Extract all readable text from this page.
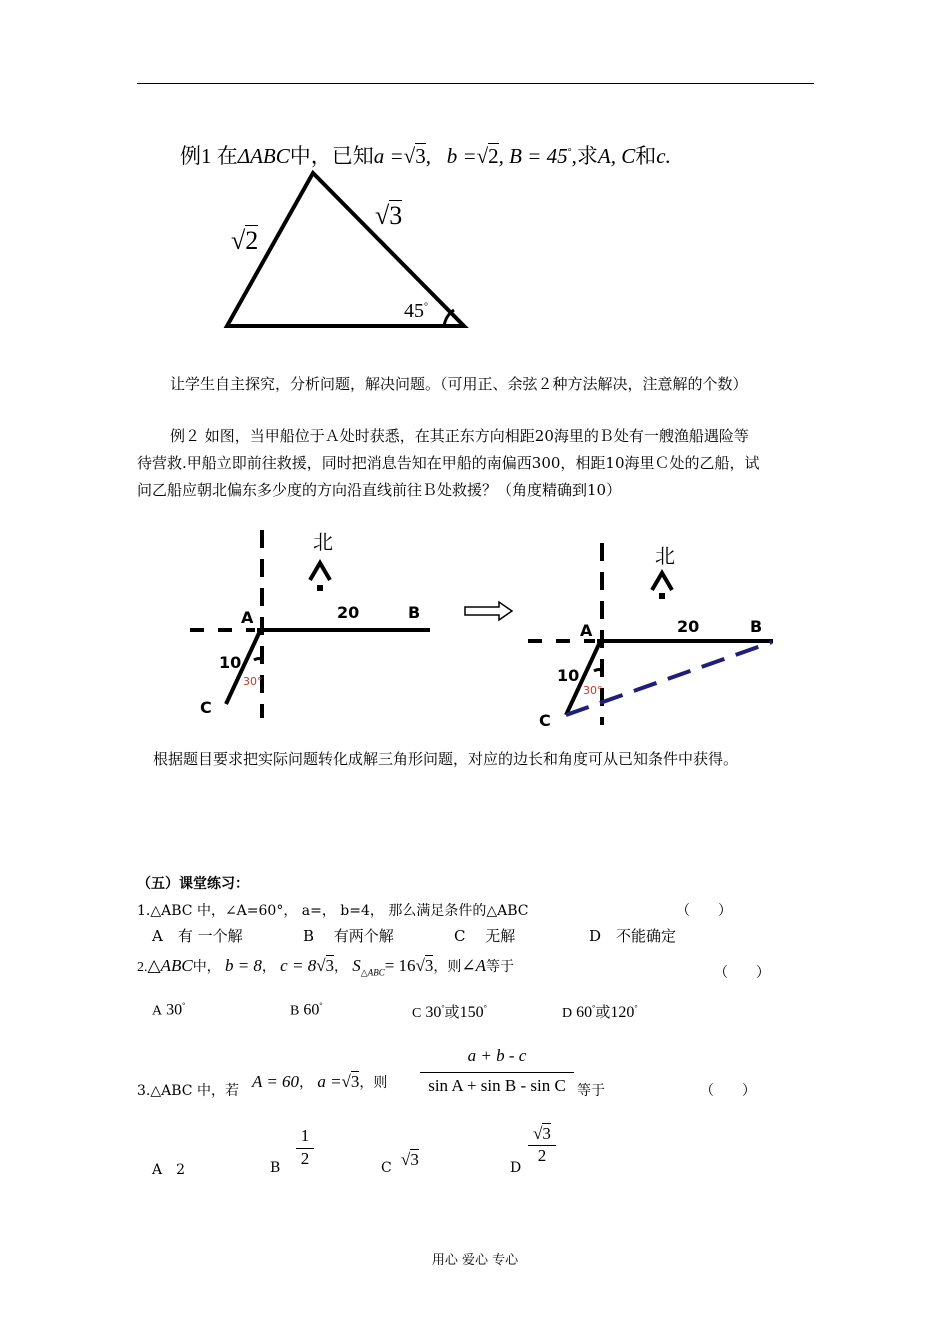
例1 在ΔABC中，已知a =√3,   b =√2, B = 45°,求A, C和c.
√2
√3
45°
让学生自主探究，分析问题，解决问题。（可用正、余弦２种方法解决，注意解的个数）
例２ 如图，当甲船位于Ａ处时获悉，在其正东方向相距20海里的Ｂ处有一艘渔船遇险等
待营救.甲船立即前往救援，同时把消息告知在甲船的南偏西300，相距10海里Ｃ处的乙船，试
问乙船应朝北偏东多少度的方向沿直线前往Ｂ处救援？（角度精确到10）
北
A	20	B
10
30°
C
北
A	20	B
10
30°
C
根据题目要求把实际问题转化成解三角形问题，对应的边长和角度可从已知条件中获得。
（五）课堂练习：
1.△ABC 中，∠A=60°， a=， b=4， 那么满足条件的△ABC	（　　）
A　有 一个解	B　 有两个解	C　 无解	D　不能确定
2.△ABC中， b = 8， c = 8√3， $S_{\triangle ABC}= 16√3$，则∠A等于	（　　）
A 30°	B 60°
C 30°或150°	D 60°或120°
3.△ABC 中，若 A = 60， a =√3，则 $\frac{a + b - c}{\text{sin A + sin B - sin C}}$ 等于	（　　）
A　2	B $\frac{1}{2}$	C √3	D
$\frac{√3}{2}$
用心 爱心 专心
